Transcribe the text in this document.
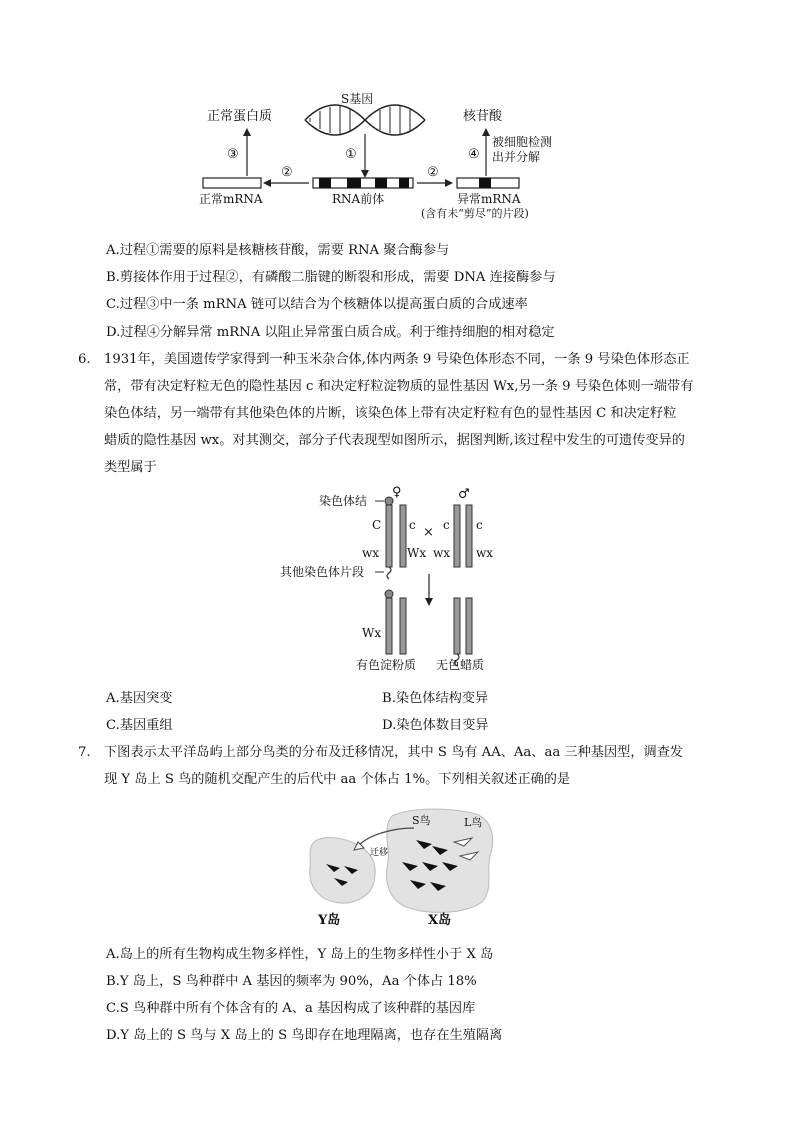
S基因
正常蛋白质	核苷酸
被细胞检测
出并分解
①
③	④
②	②
正常mRNA	RNA前体	异常mRNA
(含有未“剪尽”的片段)
A.过程①需要的原料是核糖核苷酸，需要 RNA 聚合酶参与
B.剪接体作用于过程②，有磷酸二脂键的断裂和形成，需要 DNA 连接酶参与
C.过程③中一条 mRNA 链可以结合为个核糖体以提高蛋白质的合成速率
D.过程④分解异常 mRNA 以阻止异常蛋白质合成。利于维持细胞的相对稳定
6. 1931年，美国遗传学家得到一种玉米杂合体,体内两条 9 号染色体形态不同，一条 9 号染色体形态正
常，带有决定籽粒无色的隐性基因 c 和决定籽粒淀物质的显性基因 Wx,另一条 9 号染色体则一端带有
染色体结，另一端带有其他染色体的片断，该染色体上带有决定籽粒有色的显性基因 C 和决定籽粒
蜡质的隐性基因 wx。对其测交，部分子代表现型如图所示，据图判断,该过程中发生的可遗传变异的
类型属于
染色体结
其他染色体片段
♀	♂
×
C c c c
wx Wx wx wx
Wx
有色淀粉质 无色蜡质
A.基因突变	B.染色体结构变异
C.基因重组	D.染色体数目变异
7. 下图表示太平洋岛屿上部分鸟类的分布及迁移情况，其中 S 鸟有 AA、Aa、aa 三种基因型，调查发
现 Y 岛上 S 鸟的随机交配产生的后代中 aa 个体占 1%。下列相关叙述正确的是
S鸟	L鸟
迁移
Y岛	X岛
A.岛上的所有生物构成生物多样性，Y 岛上的生物多样性小于 X 岛
B.Y 岛上，S 鸟种群中 A 基因的频率为 90%，Aa 个体占 18%
C.S 鸟种群中所有个体含有的 A、a 基因构成了该种群的基因库
D.Y 岛上的 S 鸟与 X 岛上的 S 鸟即存在地理隔离，也存在生殖隔离
